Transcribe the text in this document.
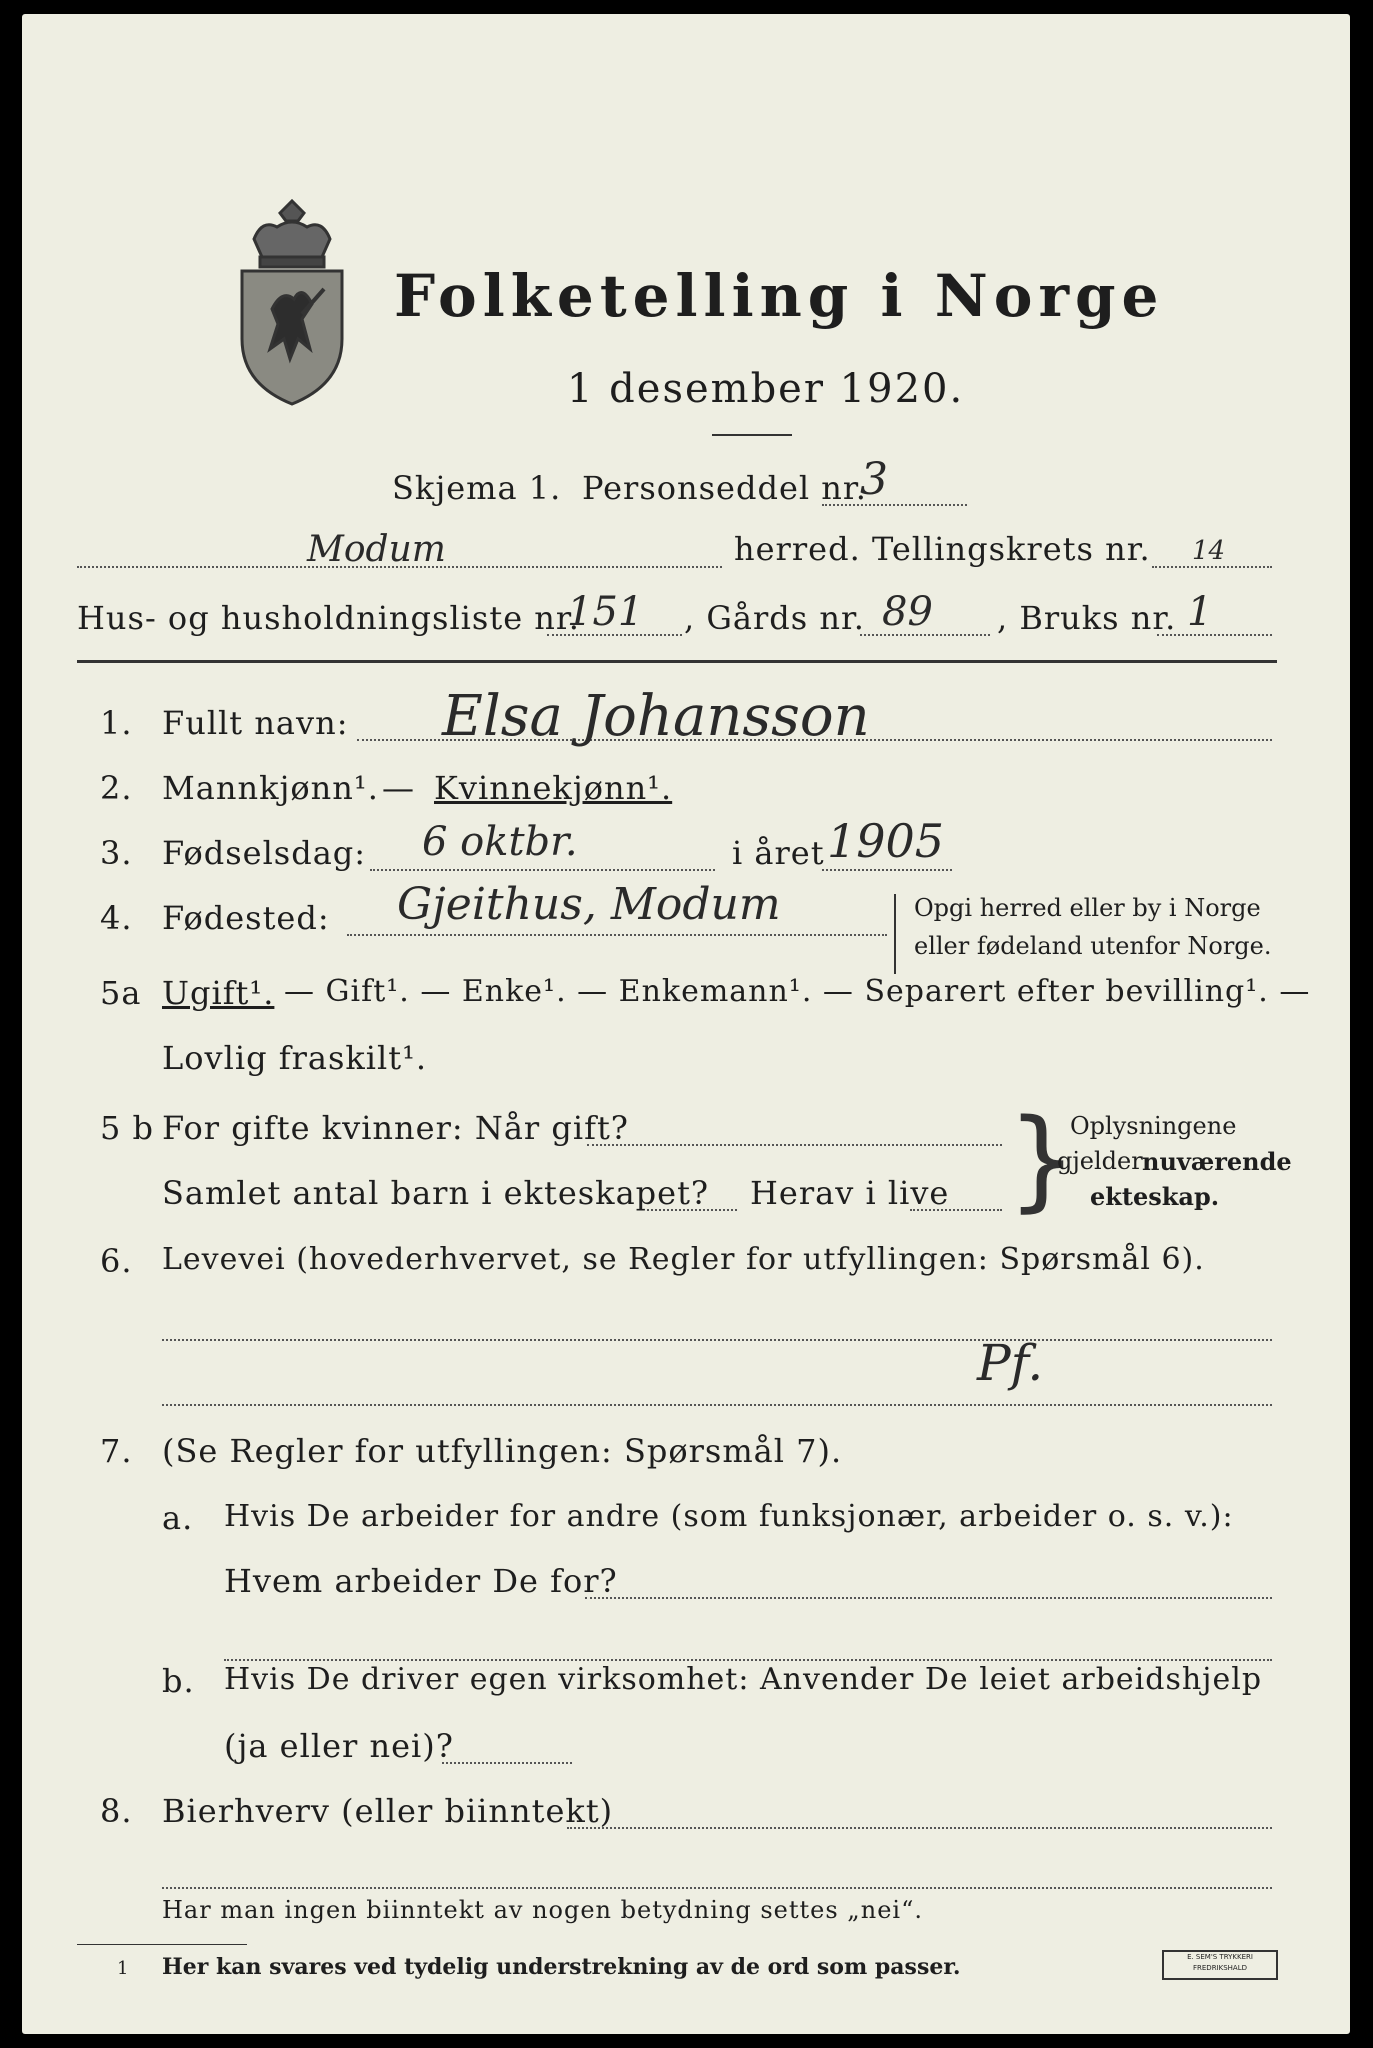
Folketelling i Norge
1 desember 1920.
Skjema 1. Personseddel nr.
3
Modum	herred. Tellingskrets nr. 14
Hus- og husholdningsliste nr.
151 , Gårds nr. 89 , Bruks nr. 1
1. Fullt navn: Elsa Johansson
2. Mannkjønn¹. — Kvinnekjønn¹.
3. Fødselsdag: 6 oktbr.	i året 1905
4. Fødested: Gjeithus, Modum	Opgi herred eller by i Norge
eller fødeland utenfor Norge.
5a Ugift¹. — Gift¹. — Enke¹. — Enkemann¹. — Separert efter bevilling¹. —
Lovlig fraskilt¹.
5 b For gifte kvinner: Når gift?
Samlet antal barn i ekteskapet? Herav i live }
Oplysningene
gjelder nuværende
ekteskap.
6. Levevei (hovederhvervet, se Regler for utfyllingen: Spørsmål 6).
Pf.
7. (Se Regler for utfyllingen: Spørsmål 7).
a. Hvis De arbeider for andre (som funksjonær, arbeider o. s. v.):
Hvem arbeider De for?
b. Hvis De driver egen virksomhet: Anvender De leiet arbeidshjelp
(ja eller nei)?
8. Bierhverv (eller biinntekt)
Har man ingen biinntekt av nogen betydning settes „nei“.
1 Her kan svares ved tydelig understrekning av de ord som passer.	E. SEM'S TRYKKERI
FREDRIKSHALD
